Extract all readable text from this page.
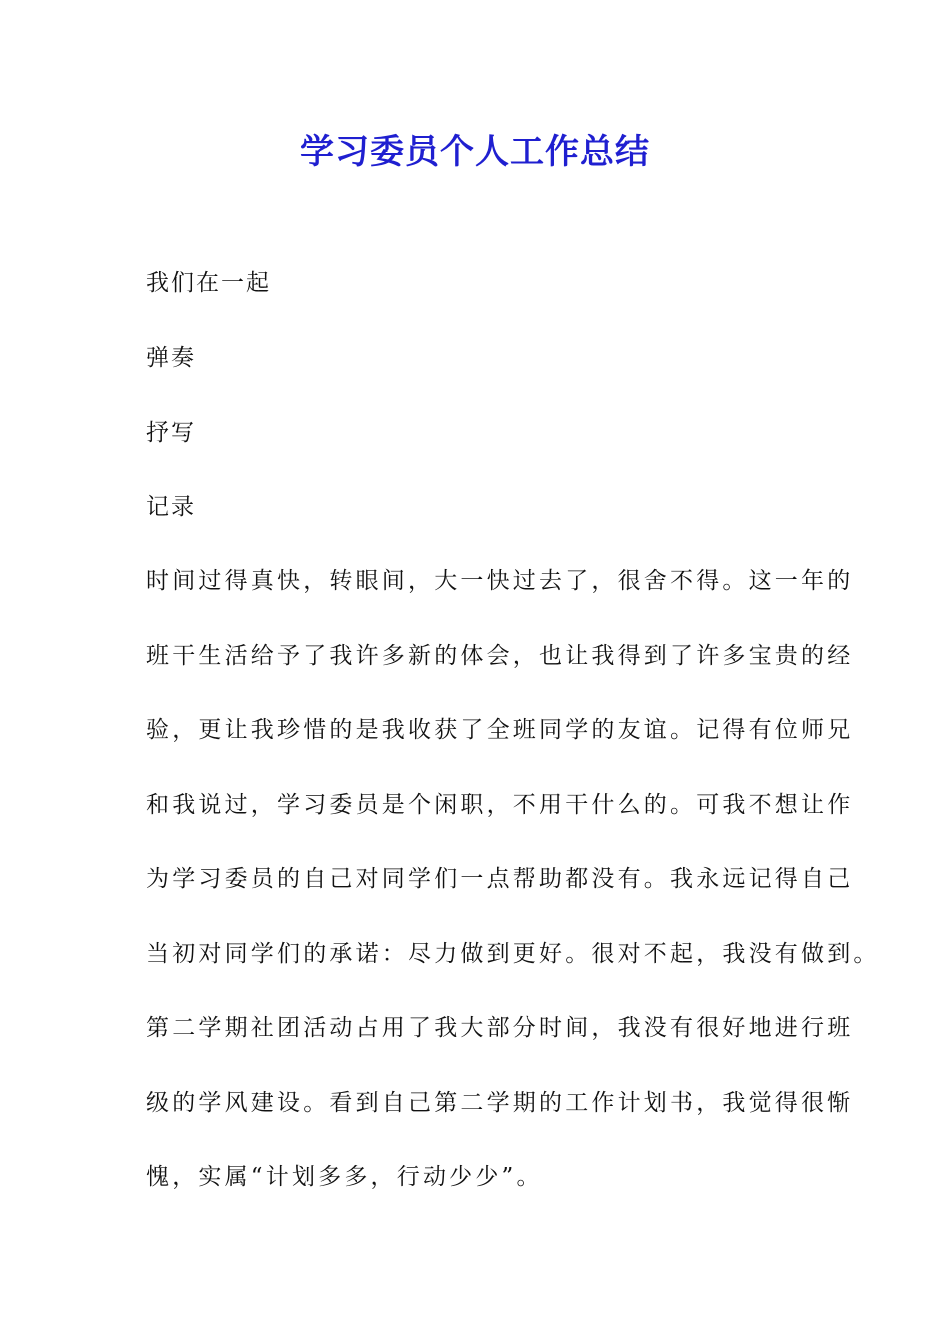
学习委员个人工作总结
我们在一起
弹奏
抒写
记录
时间过得真快，转眼间，大一快过去了，很舍不得。这一年的
班干生活给予了我许多新的体会，也让我得到了许多宝贵的经
验，更让我珍惜的是我收获了全班同学的友谊。记得有位师兄
和我说过，学习委员是个闲职，不用干什么的。可我不想让作
为学习委员的自己对同学们一点帮助都没有。我永远记得自己
当初对同学们的承诺：尽力做到更好。很对不起，我没有做到。
第二学期社团活动占用了我大部分时间，我没有很好地进行班
级的学风建设。看到自己第二学期的工作计划书，我觉得很惭
愧，实属“计划多多，行动少少”。
